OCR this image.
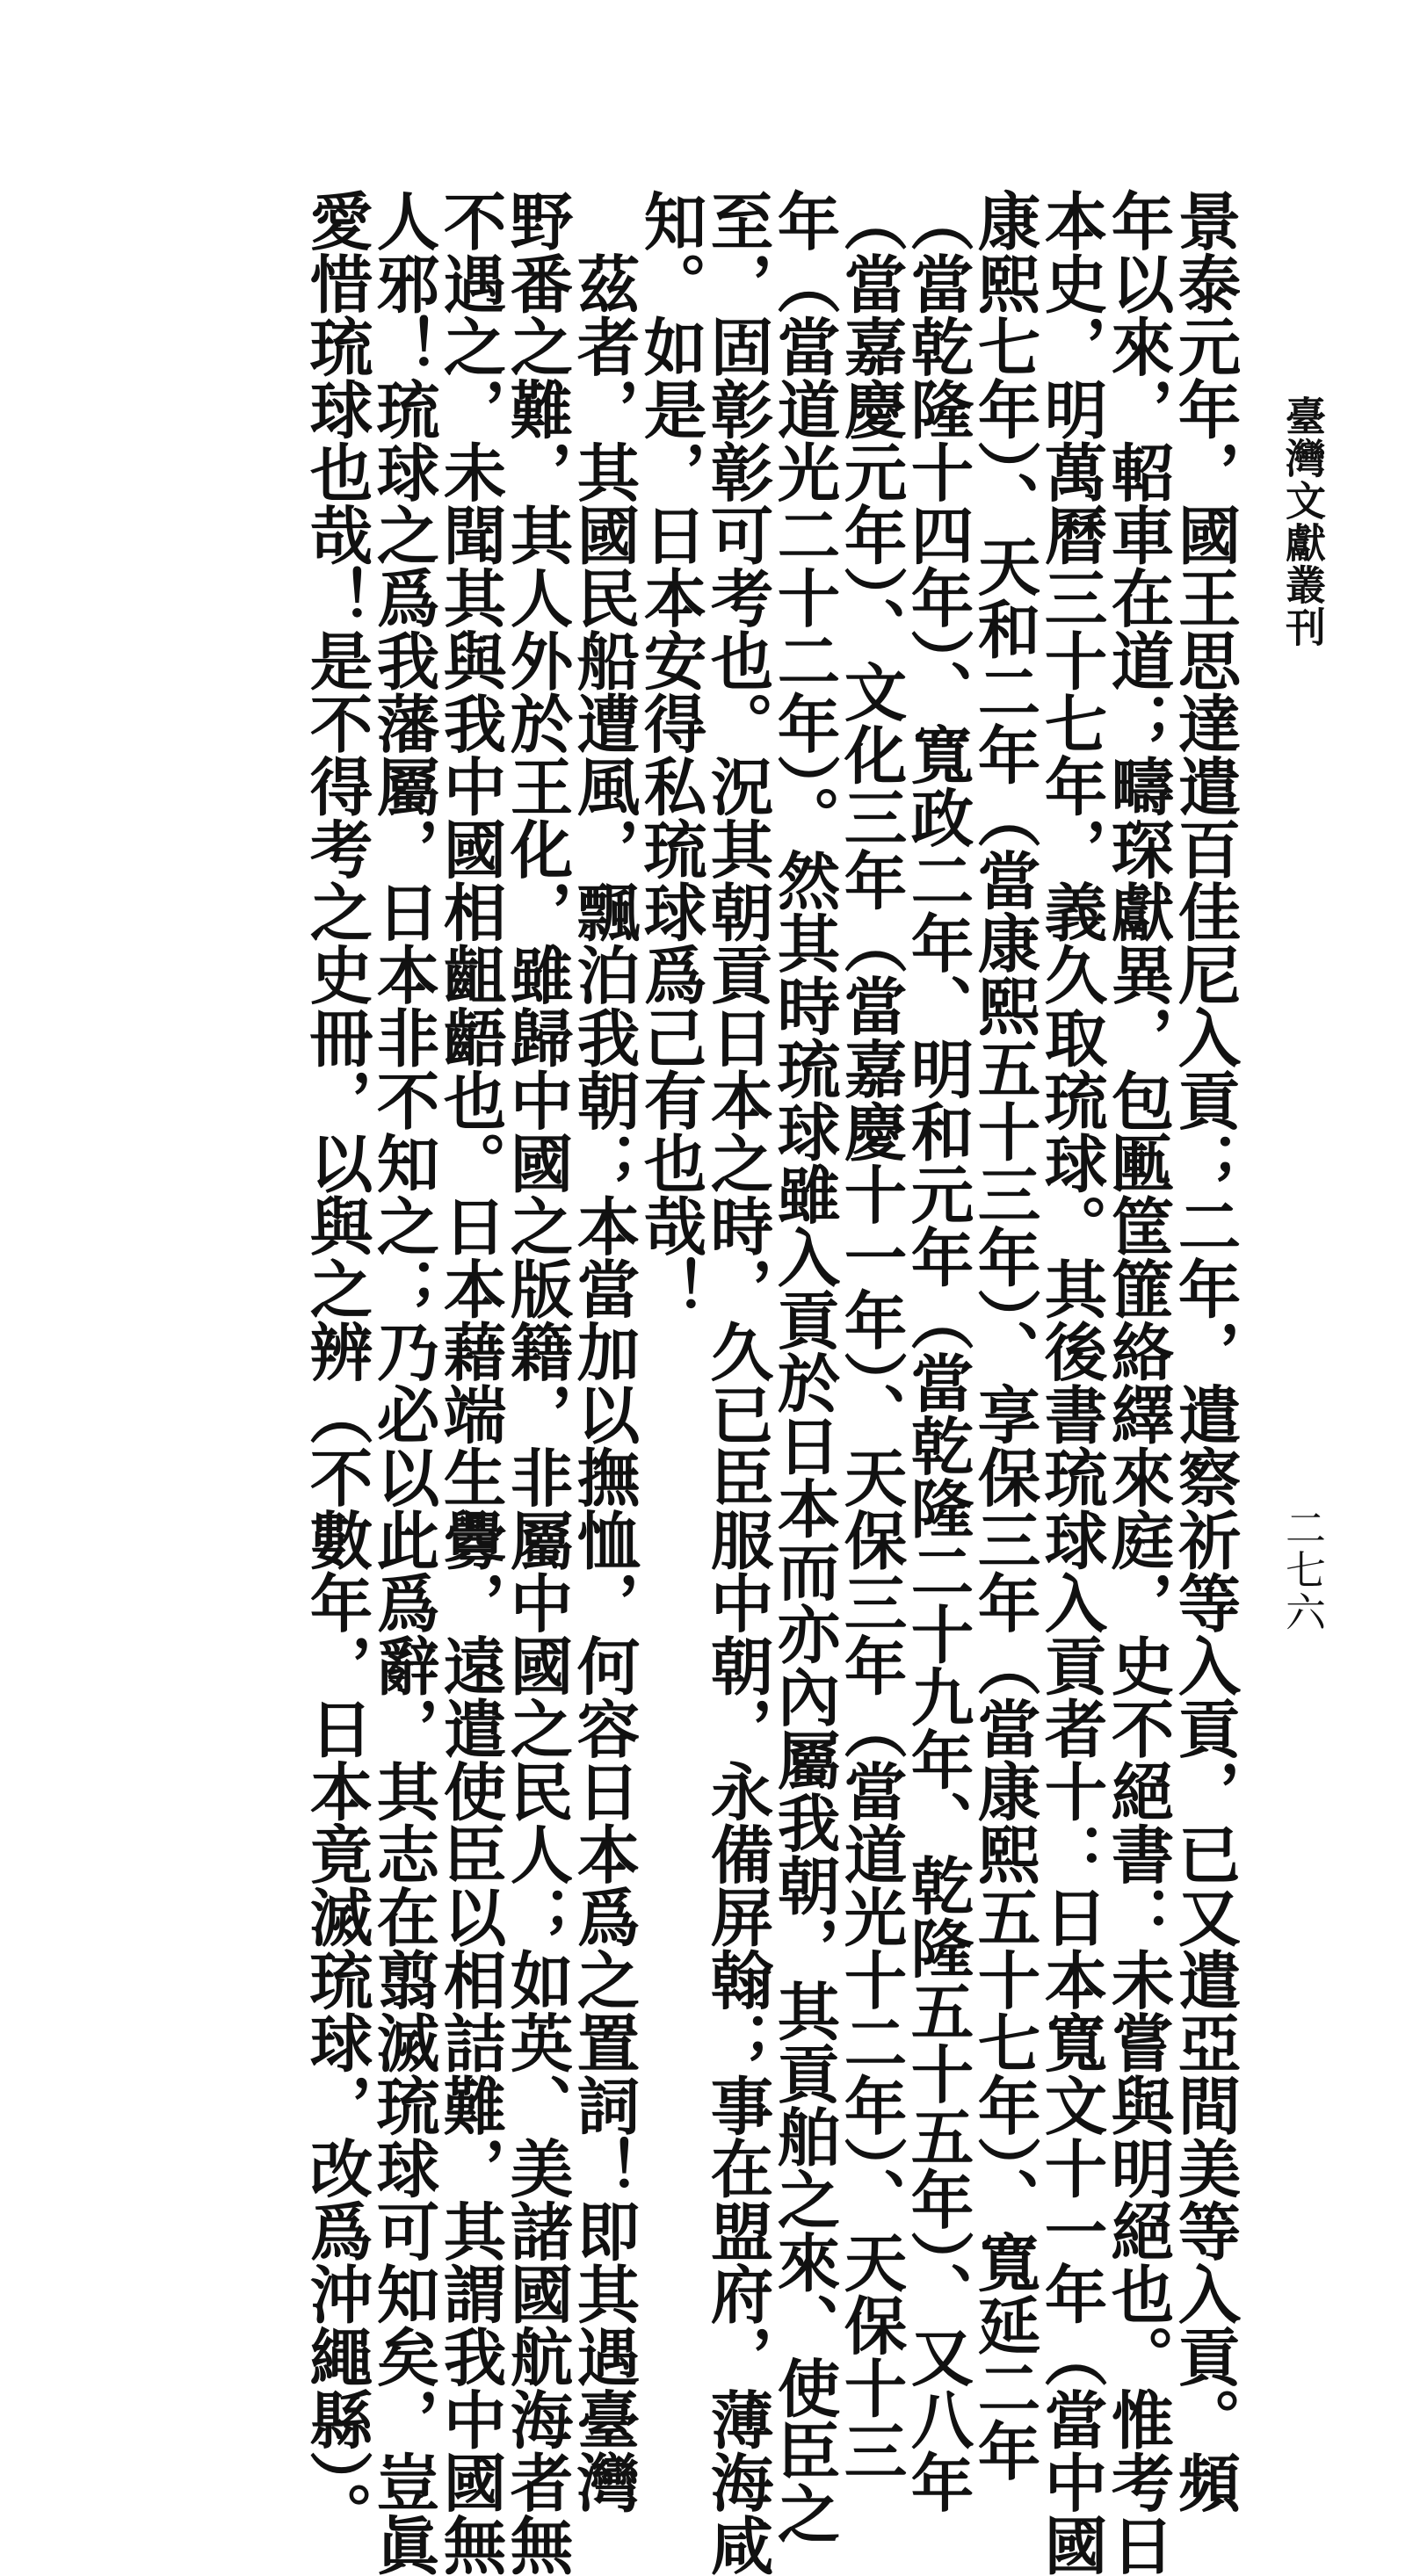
臺灣文獻叢刊
二七六
景泰元年，國王思達遣百佳尼入貢；二年，遣察祈等入貢，已又遣亞間美等入貢。頻
年以來，軺車在道；疇琛獻異，包匭筐篚絡繹來庭，史不絕書：未嘗與明絕也。惟考日
本史，明萬曆三十七年，義久取琉球。其後書琉球入貢者十：日本寬文十一年（當中國
康熙七年）、天和二年（當康熙五十三年）、享保三年（當康熙五十七年）、寬延二年
（當乾隆十四年）、寬政二年、明和元年（當乾隆二十九年、乾隆五十五年）、又八年
（當嘉慶元年）、文化三年（當嘉慶十一年）、天保三年（當道光十二年）、天保十三
年（當道光二十二年）。然其時琉球雖入貢於日本而亦內屬我朝，其貢舶之來、使臣之
至，固彰彰可考也。況其朝貢日本之時，久已臣服中朝，永備屏翰；事在盟府，薄海咸
知。如是，日本安得私琉球爲己有也哉！
　茲者，其國民船遭風，飄泊我朝；本當加以撫恤，何容日本爲之置詞！即其遇臺灣
野番之難，其人外於王化，雖歸中國之版籍，非屬中國之民人；如英、美諸國航海者無
不遇之，未聞其與我中國相齟齬也。日本藉端生釁，遠遣使臣以相詰難，其謂我中國無
人邪！琉球之爲我藩屬，日本非不知之；乃必以此爲辭，其志在翦滅琉球可知矣，豈眞
愛惜琉球也哉！是不得考之史冊，以與之辨（不數年，日本竟滅琉球，改爲沖繩縣）。
